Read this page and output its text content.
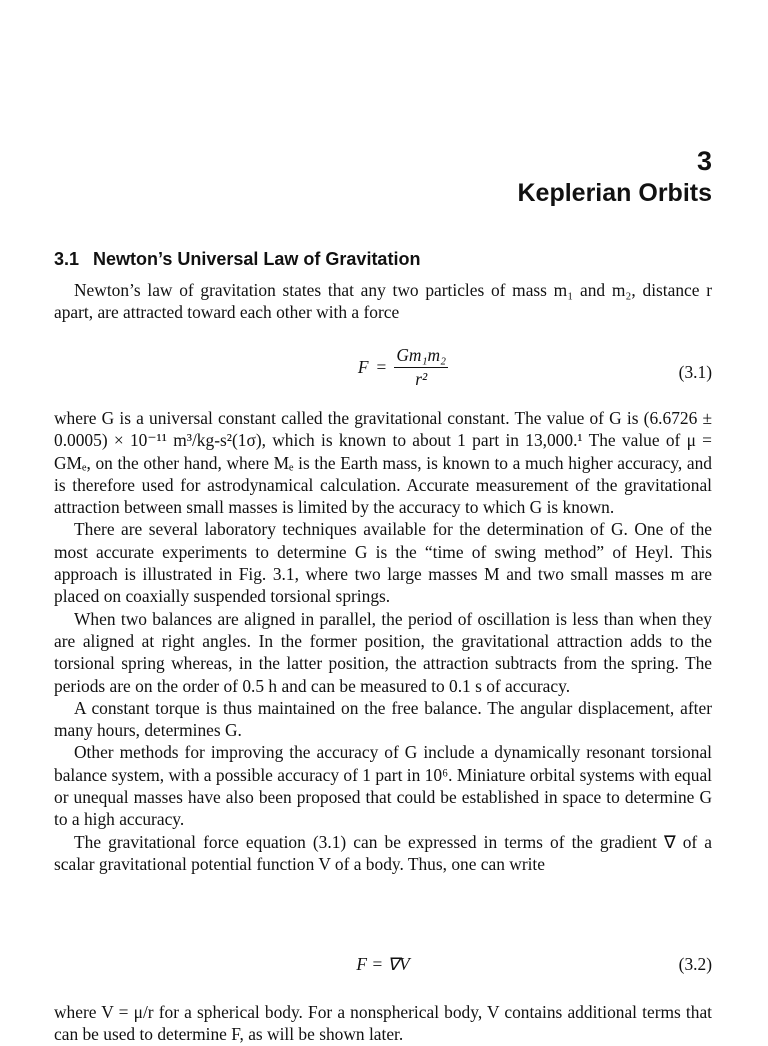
3
Keplerian Orbits
3.1 Newton’s Universal Law of Gravitation

Newton’s law of gravitation states that any two particles of mass m₁ and m₂, distance r apart, are attracted toward each other with a force

$F = \frac{\text{Gm₁m₂}}{\text{r²}}$	(3.1)

where G is a universal constant called the gravitational constant. The value of G is (6.6726 ± 0.0005) × 10⁻¹¹ m³/kg-s²(1σ), which is known to about 1 part in 13,000.¹ The value of μ = GMₑ, on the other hand, where Mₑ is the Earth mass, is known to a much higher accuracy, and is therefore used for astrodynamical calculation. Accurate measurement of the gravitational attraction between small masses is limited by the accuracy to which G is known.

There are several laboratory techniques available for the determination of G. One of the most accurate experiments to determine G is the “time of swing method” of Heyl. This approach is illustrated in Fig. 3.1, where two large masses M and two small masses m are placed on coaxially suspended torsional springs.

When two balances are aligned in parallel, the period of oscillation is less than when they are aligned at right angles. In the former position, the gravitational attraction adds to the torsional spring whereas, in the latter position, the attraction subtracts from the spring. The periods are on the order of 0.5 h and can be measured to 0.1 s of accuracy.

A constant torque is thus maintained on the free balance. The angular displacement, after many hours, determines G.

Other methods for improving the accuracy of G include a dynamically resonant torsional balance system, with a possible accuracy of 1 part in 10⁶. Miniature orbital systems with equal or unequal masses have also been proposed that could be established in space to determine G to a high accuracy.

The gravitational force equation (3.1) can be expressed in terms of the gradient ∇ of a scalar gravitational potential function V of a body. Thus, one can write

F = ∇V	(3.2)

where V = μ/r for a spherical body. For a nonspherical body, V contains additional terms that can be used to determine F, as will be shown later.
